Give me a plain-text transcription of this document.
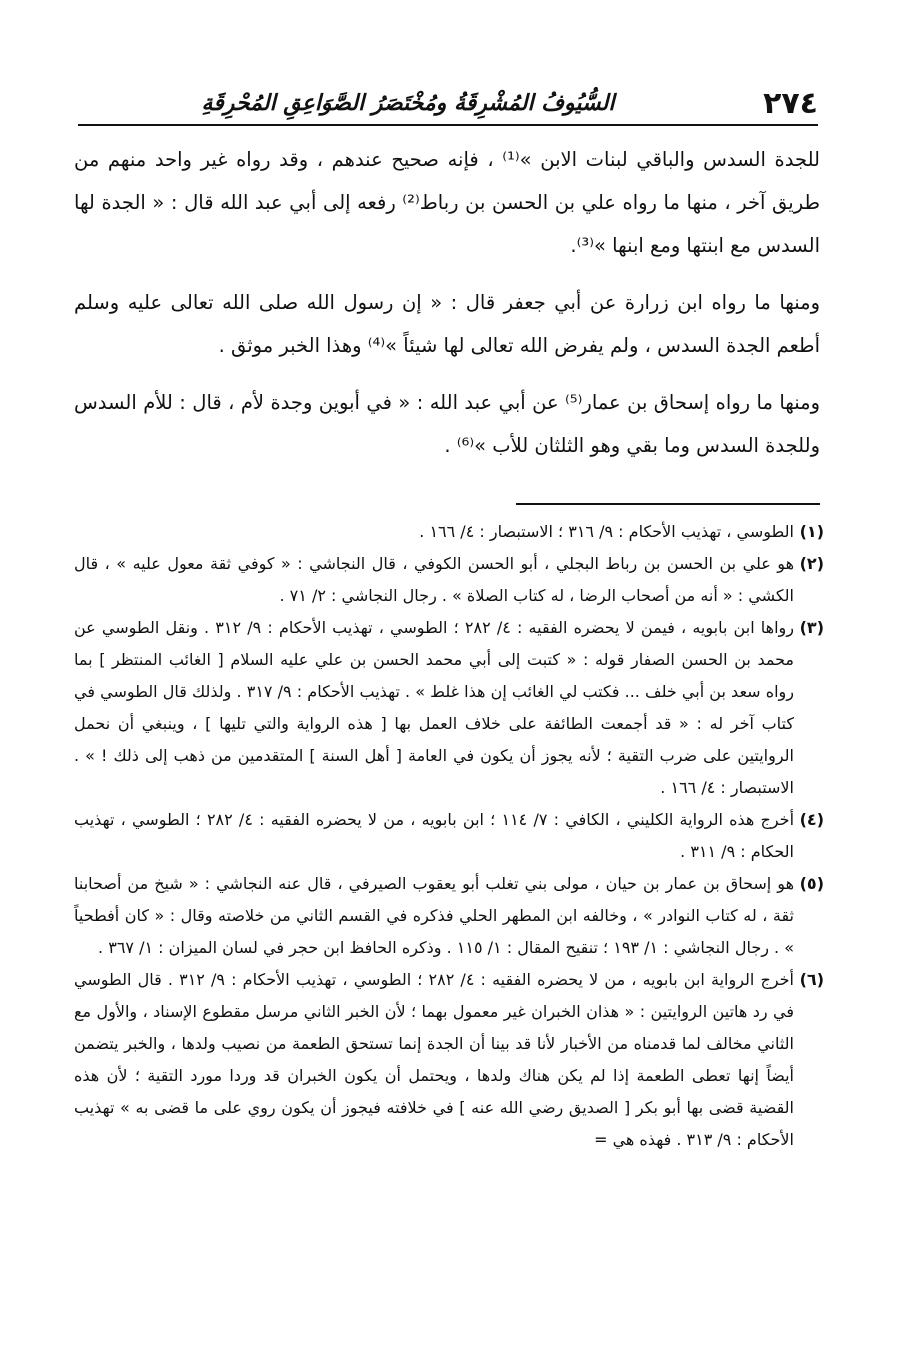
٢٧٤
السُّيُوفُ المُشْرِقَةُ ومُخْتَصَرُ الصَّوَاعِقِ المُحْرِقَةِ

للجدة السدس والباقي لبنات الابن »⁽¹⁾ ، فإنه صحيح عندهم ، وقد رواه غير واحد منهم من طريق آخر ، منها ما رواه علي بن الحسن بن رباط⁽²⁾ رفعه إلى أبي عبد الله قال : « الجدة لها السدس مع ابنتها ومع ابنها »⁽³⁾.

ومنها ما رواه ابن زرارة عن أبي جعفر قال : « إن رسول الله صلى الله تعالى عليه وسلم أطعم الجدة السدس ، ولم يفرض الله تعالى لها شيئاً »⁽⁴⁾ وهذا الخبر موثق .

ومنها ما رواه إسحاق بن عمار⁽⁵⁾ عن أبي عبد الله : « في أبوين وجدة لأم ، قال : للأم السدس وللجدة السدس وما بقي وهو الثلثان للأب »⁽⁶⁾ .

(١)
الطوسي ، تهذيب الأحكام : ٩/ ٣١٦ ؛ الاستبصار : ٤/ ١٦٦ .
(٢)
هو علي بن الحسن بن رباط البجلي ، أبو الحسن الكوفي ، قال النجاشي : « كوفي ثقة معول عليه » ، قال الكشي : « أنه من أصحاب الرضا ، له كتاب الصلاة » . رجال النجاشي : ٢/ ٧١ .
(٣)
رواها ابن بابويه ، فيمن لا يحضره الفقيه : ٤/ ٢٨٢ ؛ الطوسي ، تهذيب الأحكام : ٩/ ٣١٢ . ونقل الطوسي عن محمد بن الحسن الصفار قوله : « كتبت إلى أبي محمد الحسن بن علي عليه السلام [ الغائب المنتظر ] بما رواه سعد بن أبي خلف ... فكتب لي الغائب إن هذا غلط » . تهذيب الأحكام : ٩/ ٣١٧ . ولذلك قال الطوسي في كتاب آخر له : « قد أجمعت الطائفة على خلاف العمل بها [ هذه الرواية والتي تليها ] ، وينبغي أن نحمل الروايتين على ضرب التقية ؛ لأنه يجوز أن يكون في العامة [ أهل السنة ] المتقدمين من ذهب إلى ذلك ! » . الاستبصار : ٤/ ١٦٦ .
(٤)
أخرج هذه الرواية الكليني ، الكافي : ٧/ ١١٤ ؛ ابن بابويه ، من لا يحضره الفقيه : ٤/ ٢٨٢ ؛ الطوسي ، تهذيب الحكام : ٩/ ٣١١ .
(٥)
هو إسحاق بن عمار بن حيان ، مولى بني تغلب أبو يعقوب الصيرفي ، قال عنه النجاشي : « شيخ من أصحابنا ثقة ، له كتاب النوادر » ، وخالفه ابن المطهر الحلي فذكره في القسم الثاني من خلاصته وقال : « كان أفطحياً » . رجال النجاشي : ١/ ١٩٣ ؛ تنقيح المقال : ١/ ١١٥ . وذكره الحافظ ابن حجر في لسان الميزان : ١/ ٣٦٧ .
(٦)
أخرج الرواية ابن بابويه ، من لا يحضره الفقيه : ٤/ ٢٨٢ ؛ الطوسي ، تهذيب الأحكام : ٩/ ٣١٢ . قال الطوسي في رد هاتين الروايتين : « هذان الخبران غير معمول بهما ؛ لأن الخبر الثاني مرسل مقطوع الإسناد ، والأول مع الثاني مخالف لما قدمناه من الأخبار لأنا قد بينا أن الجدة إنما تستحق الطعمة من نصيب ولدها ، والخبر يتضمن أيضاً إنها تعطى الطعمة إذا لم يكن هناك ولدها ، ويحتمل أن يكون الخبران قد وردا مورد التقية ؛ لأن هذه القضية قضى بها أبو بكر [ الصديق رضي الله عنه ] في خلافته فيجوز أن يكون روي على ما قضى به » تهذيب الأحكام : ٩/ ٣١٣ . فهذه هي =
